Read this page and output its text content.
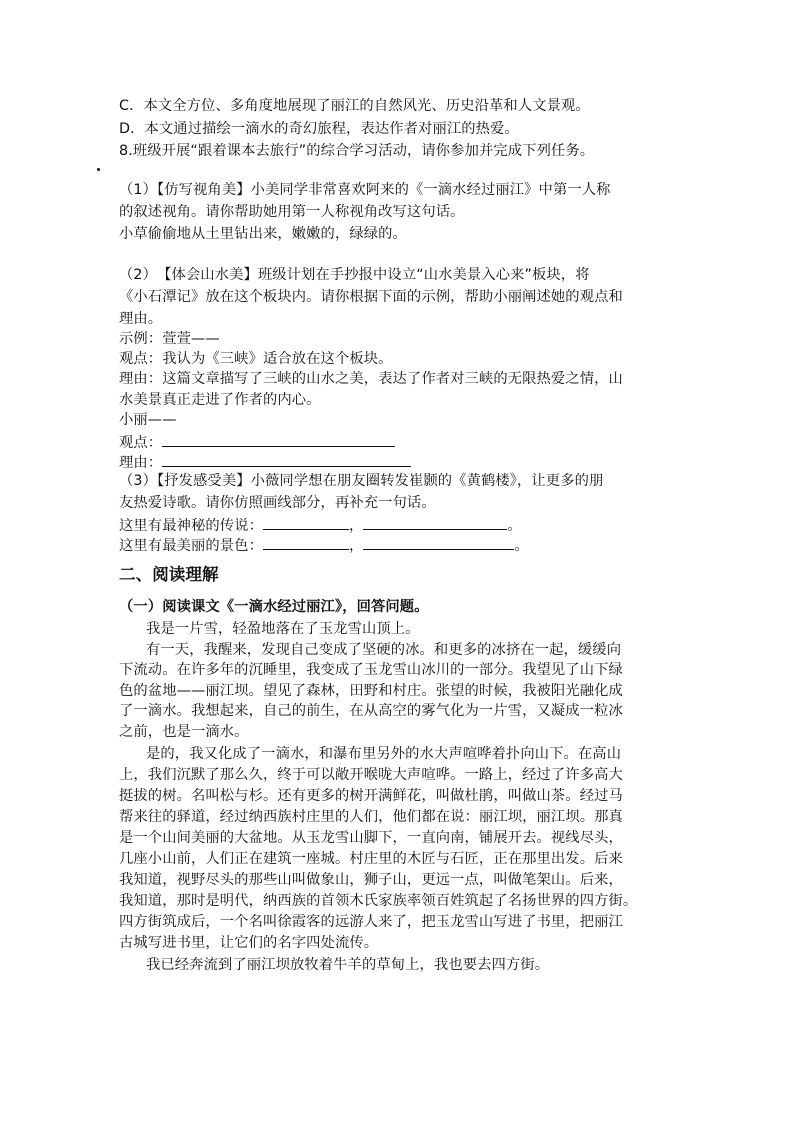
C．本文全方位、多角度地展现了丽江的自然风光、历史沿革和人文景观。
D．本文通过描绘一滴水的奇幻旅程，表达作者对丽江的热爱。
8.班级开展“跟着课本去旅行”的综合学习活动，请你参加并完成下列任务。
（1）【仿写视角美】小美同学非常喜欢阿来的《一滴水经过丽江》中第一人称
的叙述视角。请你帮助她用第一人称视角改写这句话。
小草偷偷地从土里钻出来，嫩嫩的，绿绿的。
（2）　【体会山水美】班级计划在手抄报中设立“山水美景入心来”板块，将
《小石潭记》放在这个板块内。请你根据下面的示例，帮助小丽阐述她的观点和
理由。
示例：萱萱——
观点：我认为《三峡》适合放在这个板块。
理由：这篇文章描写了三峡的山水之美，表达了作者对三峡的无限热爱之情，山
水美景真正走进了作者的内心。
小丽——
观点：
理由：
（3）【抒发感受美】小薇同学想在朋友圈转发崔颢的《黄鹤楼》，让更多的朋
友热爱诗歌。请你仿照画线部分，再补充一句话。
这里有最神秘的传说：	，	。
这里有最美丽的景色：	，	。
二、阅读理解
（一）阅读课文《一滴水经过丽江》，回答问题。
我是一片雪，轻盈地落在了玉龙雪山顶上。
有一天，我醒来，发现自己变成了坚硬的冰。和更多的冰挤在一起，缓缓向
下流动。在许多年的沉睡里，我变成了玉龙雪山冰川的一部分。我望见了山下绿
色的盆地——丽江坝。望见了森林，田野和村庄。张望的时候，我被阳光融化成
了一滴水。我想起来，自己的前生，在从高空的雾气化为一片雪，又凝成一粒冰
之前，也是一滴水。
是的，我又化成了一滴水，和瀑布里另外的水大声喧哗着扑向山下。在高山
上，我们沉默了那么久，终于可以敞开喉咙大声喧哗。一路上，经过了许多高大
挺拔的树。名叫松与杉。还有更多的树开满鲜花，叫做杜鹃，叫做山茶。经过马
帮来往的驿道，经过纳西族村庄里的人们，他们都在说：丽江坝，丽江坝。那真
是一个山间美丽的大盆地。从玉龙雪山脚下，一直向南，铺展开去。视线尽头，
几座小山前，人们正在建筑一座城。村庄里的木匠与石匠，正在那里出发。后来
我知道，视野尽头的那些山叫做象山，狮子山，更远一点，叫做笔架山。后来，
我知道，那时是明代，纳西族的首领木氏家族率领百姓筑起了名扬世界的四方街。
四方街筑成后，一个名叫徐霞客的远游人来了，把玉龙雪山写进了书里，把丽江
古城写进书里，让它们的名字四处流传。
我已经奔流到了丽江坝放牧着牛羊的草甸上，我也要去四方街。
